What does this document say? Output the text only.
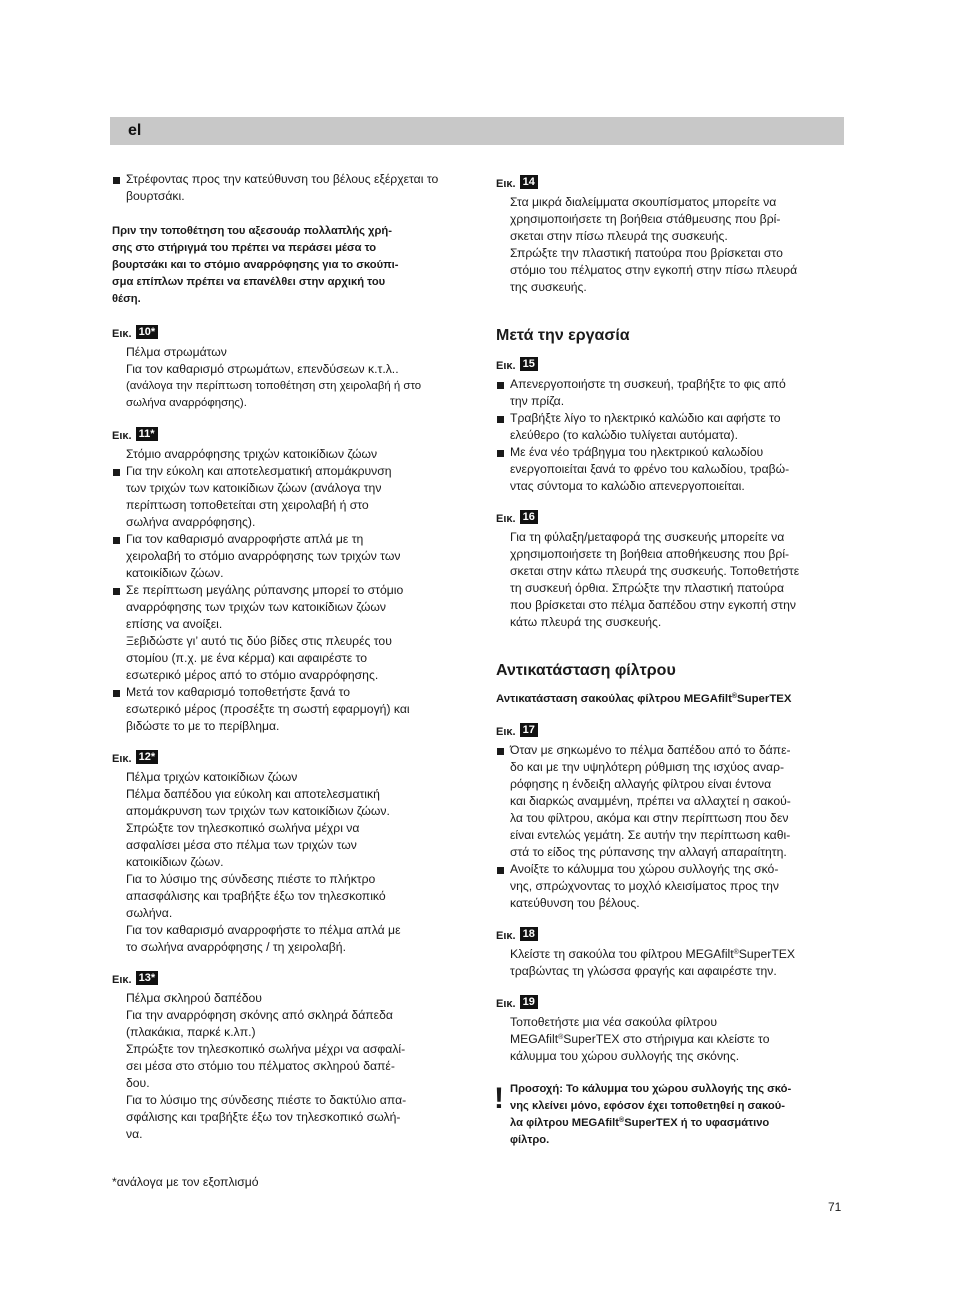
el
Στρέφοντας προς την κατεύθυνση του βέλους εξέρχεται το βουρτσάκι.
Πριν την τοποθέτηση του αξεσουάρ πολλαπλής χρή-
σης στο στήριγμά του πρέπει να περάσει μέσα το
βουρτσάκι και το στόμιο αναρρόφησης για το σκούπι-
σμα επίπλων πρέπει να επανέλθει στην αρχική του
θέση.
Εικ. 10*
Πέλμα στρωμάτων
Για τον καθαρισμό στρωμάτων, επενδύσεων κ.τ.λ..
(ανάλογα την περίπτωση τοποθέτηση στη χειρολαβή ή στο
σωλήνα αναρρόφησης).
Εικ. 11*
Στόμιο αναρρόφησης τριχών κατοικίδιων ζώων
Για την εύκολη και αποτελεσματική απομάκρυνση
των τριχών των κατοικίδιων ζώων (ανάλογα την
περίπτωση τοποθετείται στη χειρολαβή ή στο
σωλήνα αναρρόφησης).
Για τον καθαρισμό αναρροφήστε απλά με τη
χειρολαβή το στόμιο αναρρόφησης των τριχών των
κατοικίδιων ζώων.
Σε περίπτωση μεγάλης ρύπανσης μπορεί το στόμιο
αναρρόφησης των τριχών των κατοικίδιων ζώων
επίσης να ανοίξει.
Ξεβιδώστε γι’ αυτό τις δύο βίδες στις πλευρές του
στομίου (π.χ. με ένα κέρμα) και αφαιρέστε το
εσωτερικό μέρος από το στόμιο αναρρόφησης.
Μετά τον καθαρισμό τοποθετήστε ξανά το
εσωτερικό μέρος (προσέξτε τη σωστή εφαρμογή) και
βιδώστε το με το περίβλημα.
Εικ. 12*
Πέλμα τριχών κατοικίδιων ζώων
Πέλμα δαπέδου για εύκολη και αποτελεσματική
απομάκρυνση των τριχών των κατοικίδιων ζώων.
Σπρώξτε τον τηλεσκοπικό σωλήνα μέχρι να
ασφαλίσει μέσα στο πέλμα των τριχών των
κατοικίδιων ζώων.
Για το λύσιμο της σύνδεσης πιέστε το πλήκτρο
απασφάλισης και τραβήξτε έξω τον τηλεσκοπικό
σωλήνα.
Για τον καθαρισμό αναρροφήστε το πέλμα απλά με
το σωλήνα αναρρόφησης / τη χειρολαβή.
Εικ. 13*
Πέλμα σκληρού δαπέδου
Για την αναρρόφηση σκόνης από σκληρά δάπεδα
(πλακάκια, παρκέ κ.λπ.)
Σπρώξτε τον τηλεσκοπικό σωλήνα μέχρι να ασφαλί-
σει μέσα στο στόμιο του πέλματος σκληρού δαπέ-
δου.
Για το λύσιμο της σύνδεσης πιέστε το δακτύλιο απα-
σφάλισης και τραβήξτε έξω τον τηλεσκοπικό σωλή-
να.
*ανάλογα με τον εξοπλισμό
Εικ. 14
Στα μικρά διαλείμματα σκουπίσματος μπορείτε να
χρησιμοποιήσετε τη βοήθεια στάθμευσης που βρί-
σκεται στην πίσω πλευρά της συσκευής.
Σπρώξτε την πλαστική πατούρα που βρίσκεται στο
στόμιο του πέλματος στην εγκοπή στην πίσω πλευρά
της συσκευής.
Μετά την εργασία
Εικ. 15
Απενεργοποιήστε τη συσκευή, τραβήξτε το φις από
την πρίζα.
Τραβήξτε λίγο το ηλεκτρικό καλώδιο και αφήστε το
ελεύθερο (το καλώδιο τυλίγεται αυτόματα).
Με ένα νέο τράβηγμα του ηλεκτρικού καλωδίου
ενεργοποιείται ξανά το φρένο του καλωδίου, τραβώ-
ντας σύντομα το καλώδιο απενεργοποιείται.
Εικ. 16
Για τη φύλαξη/μεταφορά της συσκευής μπορείτε να
χρησιμοποιήσετε τη βοήθεια αποθήκευσης που βρί-
σκεται στην κάτω πλευρά της συσκευής. Τοποθετήστε
τη συσκευή όρθια. Σπρώξτε την πλαστική πατούρα
που βρίσκεται στο πέλμα δαπέδου στην εγκοπή στην
κάτω πλευρά της συσκευής.
Αντικατάσταση φίλτρου
Αντικατάσταση σακούλας φίλτρου MEGAfilt®SuperTEX
Εικ. 17
Όταν με σηκωμένο το πέλμα δαπέδου από το δάπε-
δο και με την υψηλότερη ρύθμιση της ισχύος αναρ-
ρόφησης η ένδειξη αλλαγής φίλτρου είναι έντονα
και διαρκώς αναμμένη, πρέπει να αλλαχτεί η σακού-
λα του φίλτρου, ακόμα και στην περίπτωση που δεν
είναι εντελώς γεμάτη. Σε αυτήν την περίπτωση καθι-
στά το είδος της ρύπανσης την αλλαγή απαραίτητη.
Ανοίξτε το κάλυμμα του χώρου συλλογής της σκό-
νης, σπρώχνοντας το μοχλό κλεισίματος προς την
κατεύθυνση του βέλους.
Εικ. 18
Κλείστε τη σακούλα του φίλτρου MEGAfilt®SuperTEX
τραβώντας τη γλώσσα φραγής και αφαιρέστε την.
Εικ. 19
Τοποθετήστε μια νέα σακούλα φίλτρου
MEGAfilt®SuperTEX στο στήριγμα και κλείστε το
κάλυμμα του χώρου συλλογής της σκόνης.
! Προσοχή: Το κάλυμμα του χώρου συλλογής της σκό-
νης κλείνει μόνο, εφόσον έχει τοποθετηθεί η σακού-
λα φίλτρου MEGAfilt®SuperTEX ή το υφασμάτινο
φίλτρο.
71
